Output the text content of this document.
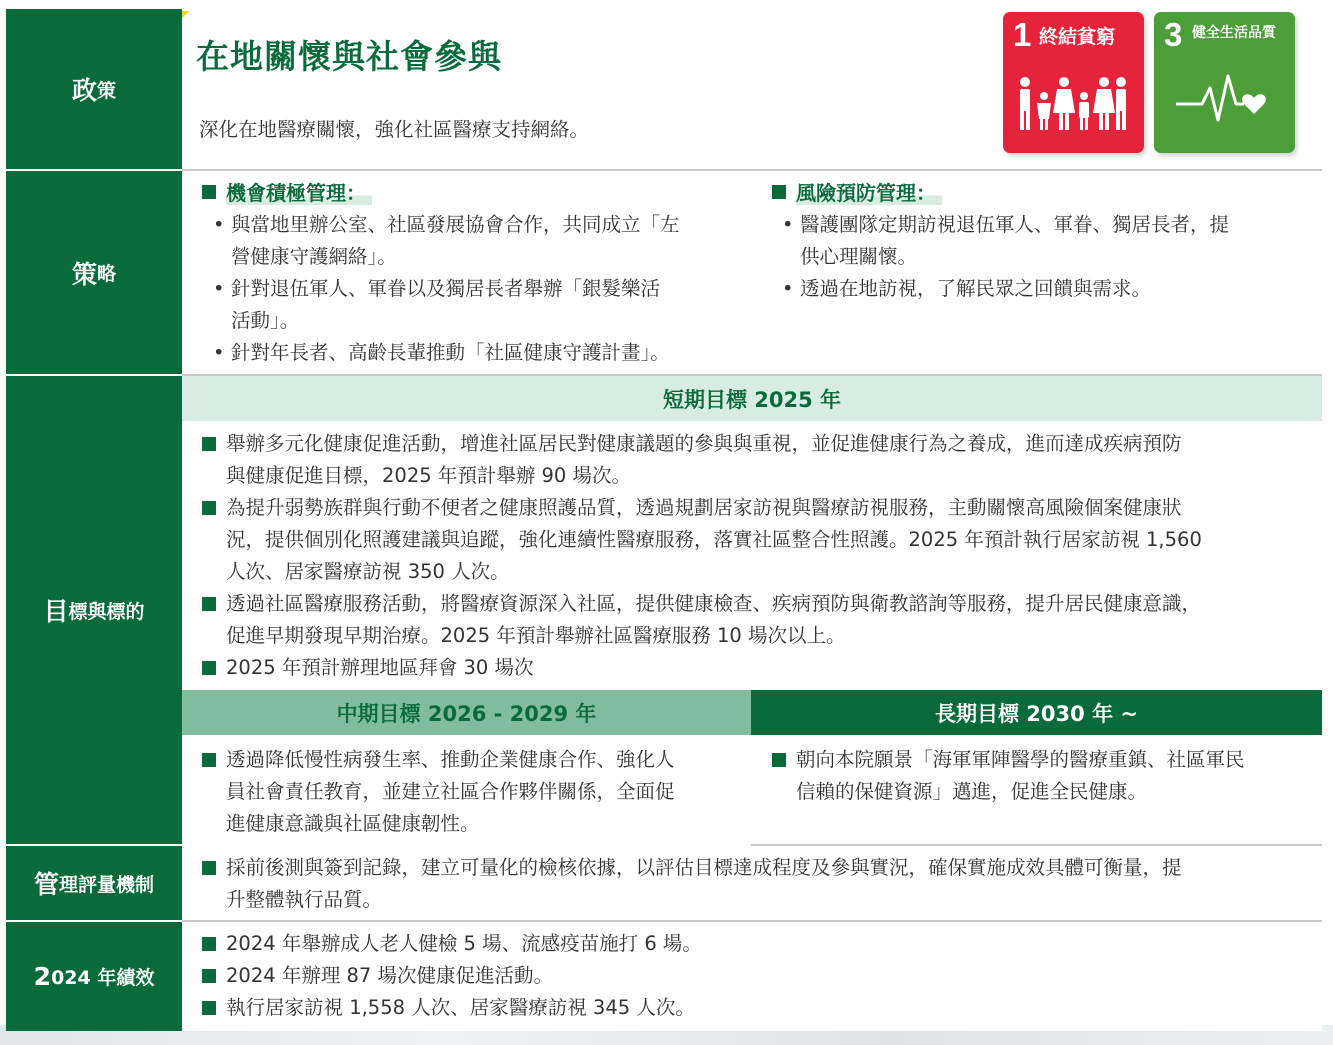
政 策
策 略
目 標與標的
管 理評量機制
2 024 年績效
在地關懷與社會參與
深化在地醫療關懷，強化社區醫療支持網絡。
1 終結貧窮 3 健全生活品質
機會積極管理：
• 與當地里辦公室、社區發展協會合作，共同成立「左
營健康守護網絡」。
• 針對退伍軍人、軍眷以及獨居長者舉辦「銀髮樂活
活動」。
• 針對年長者、高齡長輩推動「社區健康守護計畫」。
風險預防管理：
• 醫護團隊定期訪視退伍軍人、軍眷、獨居長者，提
供心理關懷。
• 透過在地訪視，了解民眾之回饋與需求。
短期目標 2025 年
舉辦多元化健康促進活動，增進社區居民對健康議題的參與與重視，並促進健康行為之養成，進而達成疾病預防
與健康促進目標，2025 年預計舉辦 90 場次。
為提升弱勢族群與行動不便者之健康照護品質，透過規劃居家訪視與醫療訪視服務，主動關懷高風險個案健康狀
況，提供個別化照護建議與追蹤，強化連續性醫療服務，落實社區整合性照護。2025 年預計執行居家訪視 1,560
人次、居家醫療訪視 350 人次。
透過社區醫療服務活動，將醫療資源深入社區，提供健康檢查、疾病預防與衛教諮詢等服務，提升居民健康意識，
促進早期發現早期治療。2025 年預計舉辦社區醫療服務 10 場次以上。
2025 年預計辦理地區拜會 30 場次
中期目標 2026 - 2029 年	長期目標 2030 年 ~
透過降低慢性病發生率、推動企業健康合作、強化人
員社會責任教育，並建立社區合作夥伴關係，全面促
進健康意識與社區健康韌性。
朝向本院願景「海軍軍陣醫學的醫療重鎮、社區軍民
信賴的保健資源」邁進，促進全民健康。
採前後測與簽到記錄，建立可量化的檢核依據，以評估目標達成程度及參與實況，確保實施成效具體可衡量，提
升整體執行品質。
2024 年舉辦成人老人健檢 5 場、流感疫苗施打 6 場。
2024 年辦理 87 場次健康促進活動。
執行居家訪視 1,558 人次、居家醫療訪視 345 人次。
